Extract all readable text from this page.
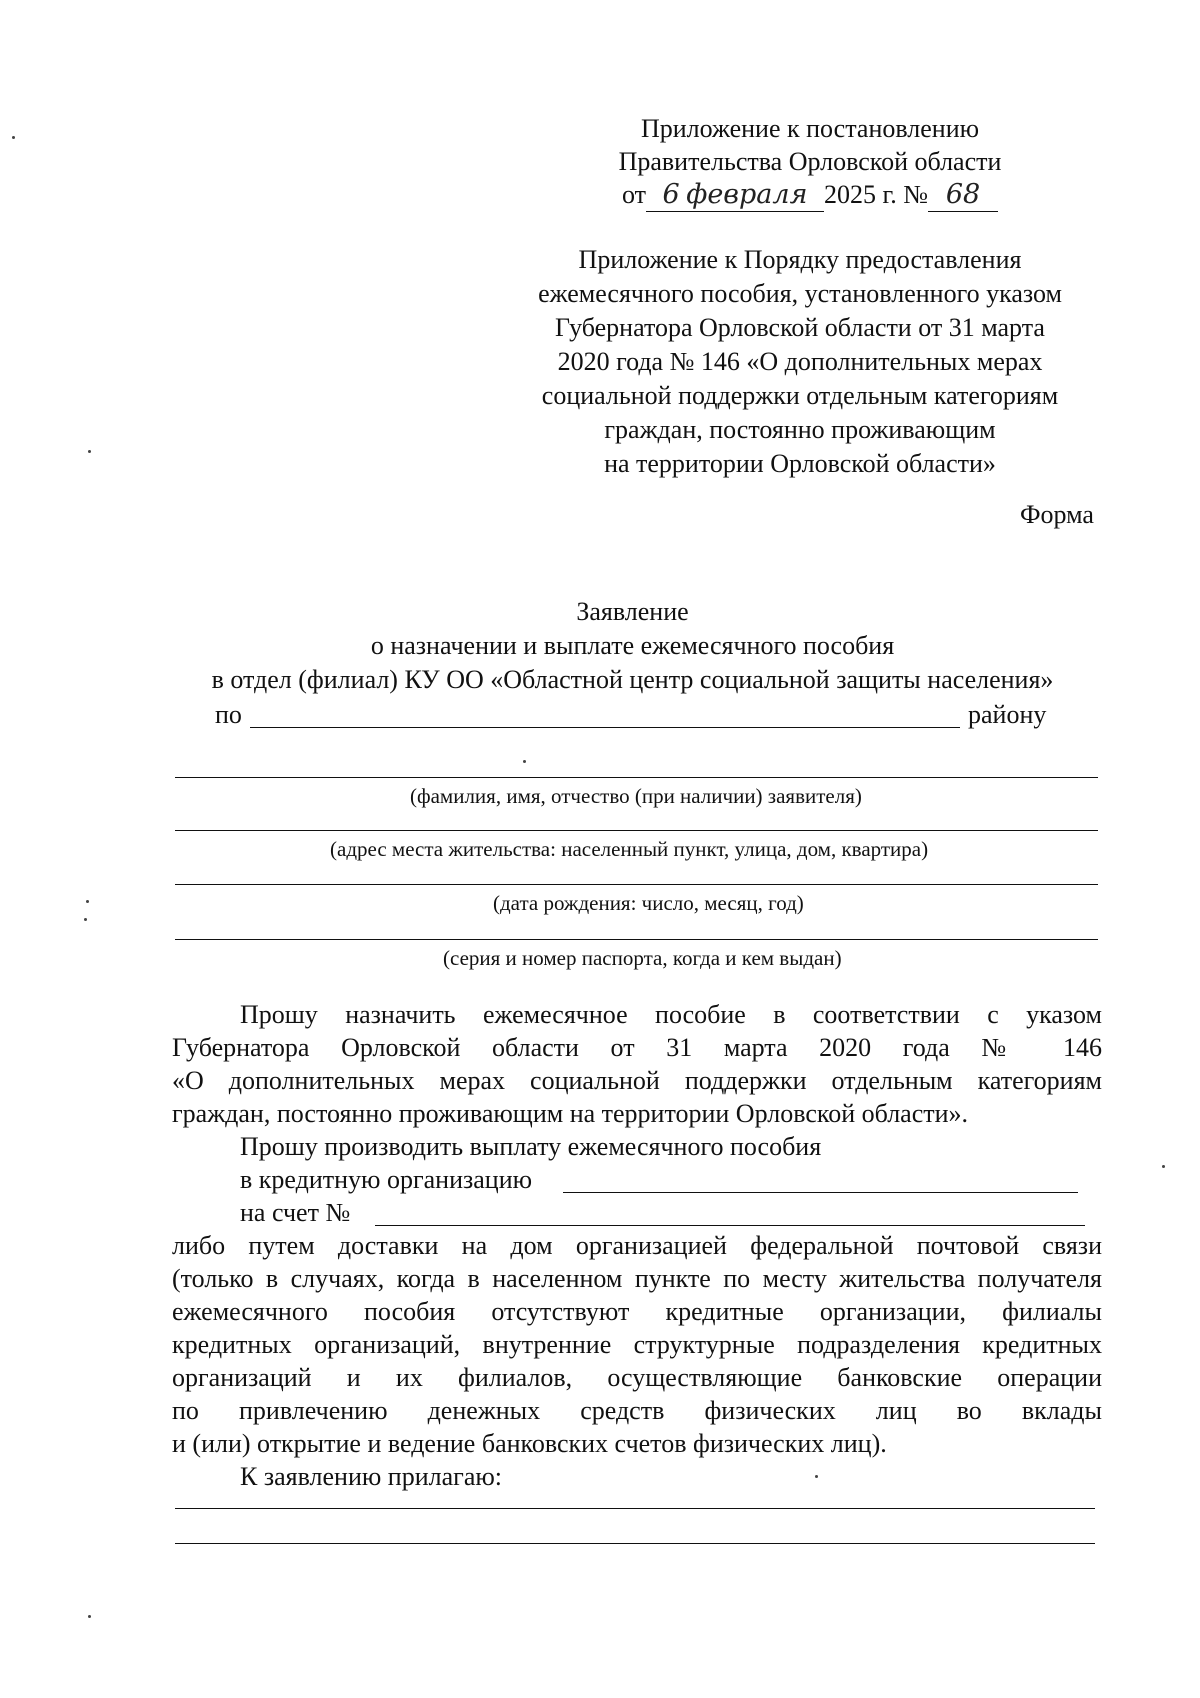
Приложение к постановлению
Правительства Орловской области
от 6 февраля 2025 г. № 68
Приложение к Порядку предоставления
ежемесячного пособия, установленного указом
Губернатора Орловской области от 31 марта
2020 года № 146 «О дополнительных мерах
социальной поддержки отдельным категориям
граждан, постоянно проживающим
на территории Орловской области»
Форма
Заявление
о назначении и выплате ежемесячного пособия
в отдел (филиал) КУ ОО «Областной центр социальной защиты населения»
по	району
(фамилия, имя, отчество (при наличии) заявителя)
(адрес места жительства: населенный пункт, улица, дом, квартира)
(дата рождения: число, месяц, год)
(серия и номер паспорта, когда и кем выдан)
Прошу назначить ежемесячное пособие в соответствии с указом
Губернатора Орловской области от 31 марта 2020 года № 146
«О дополнительных мерах социальной поддержки отдельным категориям
граждан, постоянно проживающим на территории Орловской области».
Прошу производить выплату ежемесячного пособия
в кредитную организацию
на счет №
либо путем доставки на дом организацией федеральной почтовой связи
(только в случаях, когда в населенном пункте по месту жительства получателя
ежемесячного пособия отсутствуют кредитные организации, филиалы
кредитных организаций, внутренние структурные подразделения кредитных
организаций и их филиалов, осуществляющие банковские операции
по привлечению денежных средств физических лиц во вклады
и (или) открытие и ведение банковских счетов физических лиц).
К заявлению прилагаю:
